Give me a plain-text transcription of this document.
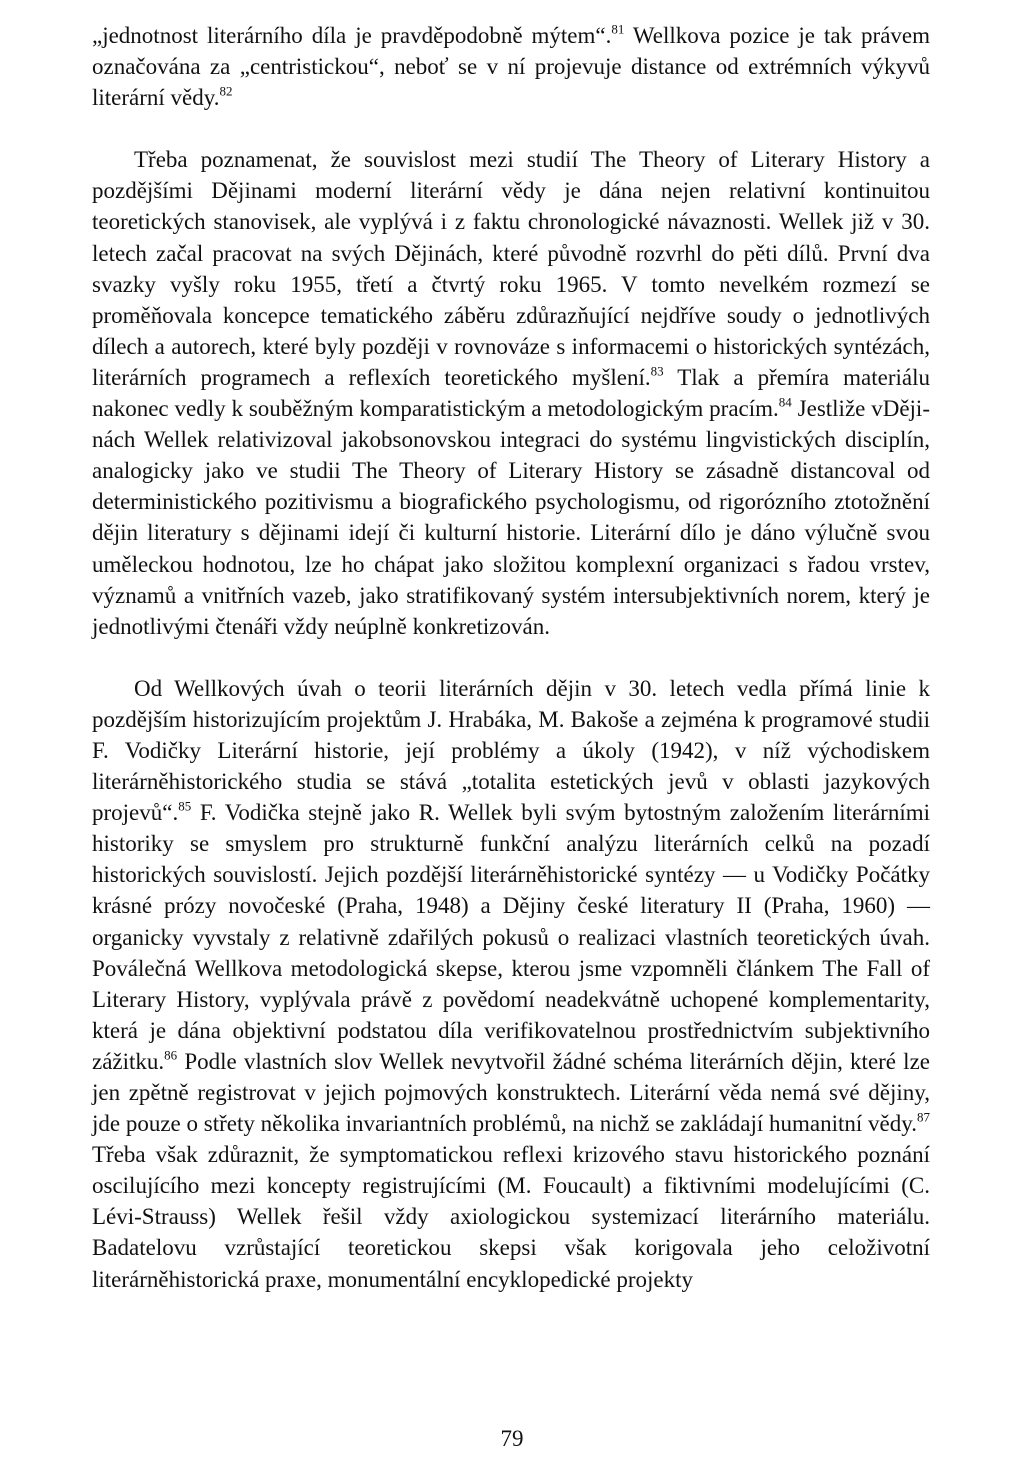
„jednotnost literárního díla je pravděpodobně mýtem“.$^{81}$ Wellkova pozice je tak právem označována za „centristickou“, neboť se v ní projevuje distance od extrémních výkyvů literární vědy.$^{82}$

Třeba poznamenat, že souvislost mezi studií The Theory of Literary History a pozdějšími Dějinami moderní literární vědy je dána nejen relativní kontinuitou teoretických stanovisek, ale vyplývá i z faktu chronologické návaznosti. Wellek již v 30. letech začal pracovat na svých Dějinách, které původně rozvrhl do pěti dílů. První dva svazky vyšly roku 1955, třetí a čtvrtý roku 1965. V tomto nevelkém rozmezí se proměňovala koncepce tematického záběru zdůrazňující nejdříve soudy o jednotlivých dílech a autorech, které byly později v rovnováze s informacemi o historických syntézách, literárních programech a reflexích teoretického myšlení.$^{83}$ Tlak a přemíra materiálu nakonec vedly k souběžným komparatistickým a metodologickým pracím.$^{84}$ Jestliže vDějinách Wellek relativizoval jakobsonovskou integraci do systému lingvistických disciplín, analogicky jako ve studii The Theory of Literary History se zásadně distancoval od deterministického pozitivismu a biografického psychologismu, od rigorózního ztotožnění dějin literatury s dějinami idejí či kulturní historie. Literární dílo je dáno výlučně svou uměleckou hodnotou, lze ho chápat jako složitou komplexní organizaci s řadou vrstev, významů a vnitřních vazeb, jako stratifikovaný systém intersubjektivních norem, který je jednotlivými čtenáři vždy neúplně konkretizován.

Od Wellkových úvah o teorii literárních dějin v 30. letech vedla přímá linie k pozdějším historizujícím projektům J. Hrabáka, M. Bakoše a zejména k programové studii F. Vodičky Literární historie, její problémy a úkoly (1942), v níž východiskem literárněhistorického studia se stává „totalita estetických jevů v oblasti jazykových projevů“.$^{85}$ F. Vodička stejně jako R. Wellek byli svým bytostným založením literárními historiky se smyslem pro strukturně funkční analýzu literárních celků na pozadí historických souvislostí. Jejich pozdější literárněhistorické syntézy — u Vodičky Počátky krásné prózy novočeské (Praha, 1948) a Dějiny české literatury II (Praha, 1960) — organicky vyvstaly z relativně zdařilých pokusů o realizaci vlastních teoretických úvah. Poválečná Wellkova metodologická skepse, kterou jsme vzpomněli článkem The Fall of Literary History, vyplývala právě z povědomí neadekvátně uchopené komplementarity, která je dána objektivní podstatou díla verifikovatelnou prostřednictvím subjektivního zážitku.$^{86}$ Podle vlastních slov Wellek nevytvořil žádné schéma literárních dějin, které lze jen zpětně registrovat v jejich pojmových konstruktech. Literární věda nemá své dějiny, jde pouze o střety několika invariantních problémů, na nichž se zakládají humanitní vědy.$^{87}$ Třeba však zdůraznit, že symptomatickou reflexi krizového stavu historického poznání oscilujícího mezi koncepty registrujícími (M. Foucault) a fiktivními modelujícími (C. Lévi-Strauss) Wellek řešil vždy axiologickou systemizací literárního materiálu. Badatelovu vzrůstající teoretickou skepsi však korigovala jeho celoživotní literárněhistorická praxe, monumentální encyklopedické projekty

79
